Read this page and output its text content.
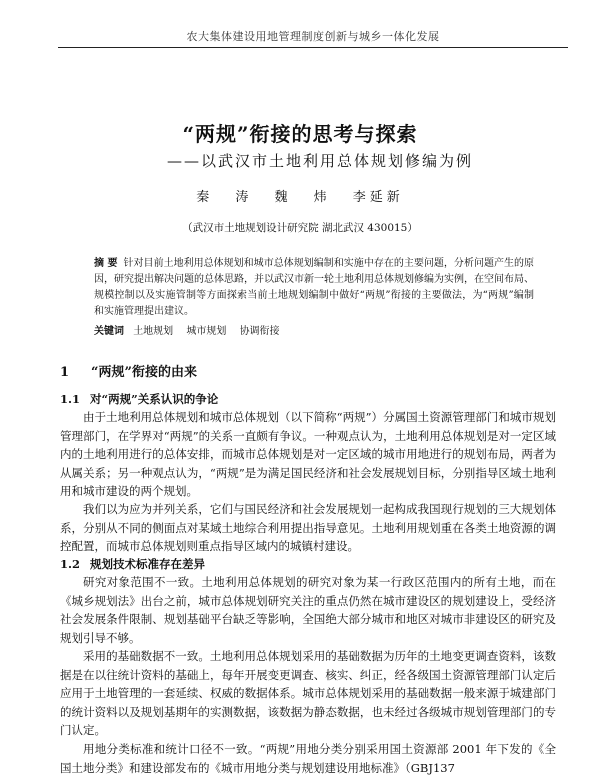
农大集体建设用地管理制度创新与城乡一体化发展
“两规”衔接的思考与探索
——以武汉市土地利用总体规划修编为例
秦 涛 魏 炜 李延新
（武汉市土地规划设计研究院 湖北武汉 430015）
摘 要 针对目前土地利用总体规划和城市总体规划编制和实施中存在的主要问题，分析问题产生的原因，研究提出解决问题的总体思路，并以武汉市新一轮土地利用总体规划修编为实例，在空间布局、规模控制以及实施管制等方面探索当前土地规划编制中做好“两规”衔接的主要做法，为“两规”编制和实施管理提出建议。
关键词 土地规划 城市规划 协调衔接
1 “两规”衔接的由来
1.1 对“两规”关系认识的争论
由于土地利用总体规划和城市总体规划（以下简称“两规”）分属国土资源管理部门和城市规划管理部门，在学界对“两规”的关系一直颇有争议。一种观点认为，土地利用总体规划是对一定区域内的土地利用进行的总体安排，而城市总体规划是对一定区域的城市用地进行的规划布局，两者为从属关系；另一种观点认为，“两规”是为满足国民经济和社会发展规划目标，分别指导区域土地利用和城市建设的两个规划。
我们以为应为并列关系，它们与国民经济和社会发展规划一起构成我国现行规划的三大规划体系，分别从不同的侧面点对某域土地综合利用提出指导意见。土地利用规划重在各类土地资源的调控配置，而城市总体规划则重点指导区域内的城镇村建设。
1.2 规划技术标准存在差异
研究对象范围不一致。土地利用总体规划的研究对象为某一行政区范围内的所有土地，而在《城乡规划法》出台之前，城市总体规划研究关注的重点仍然在城市建设区的规划建设上，受经济社会发展条件限制、规划基础平台缺乏等影响，全国绝大部分城市和地区对城市非建设区的研究及规划引导不够。
采用的基础数据不一致。土地利用总体规划采用的基础数据为历年的土地变更调查资料，该数据是在以往统计资料的基础上，每年开展变更调查、核实、纠正，经各级国土资源管理部门认定后应用于土地管理的一套延续、权威的数据体系。城市总体规划采用的基础数据一般来源于城建部门的统计资料以及规划基期年的实测数据，该数据为静态数据，也未经过各级城市规划管理部门的专门认定。
用地分类标准和统计口径不一致。“两规”用地分类分别采用国土资源部 2001 年下发的《全国土地分类》和建设部发布的《城市用地分类与规划建设用地标准》（GBJ137
